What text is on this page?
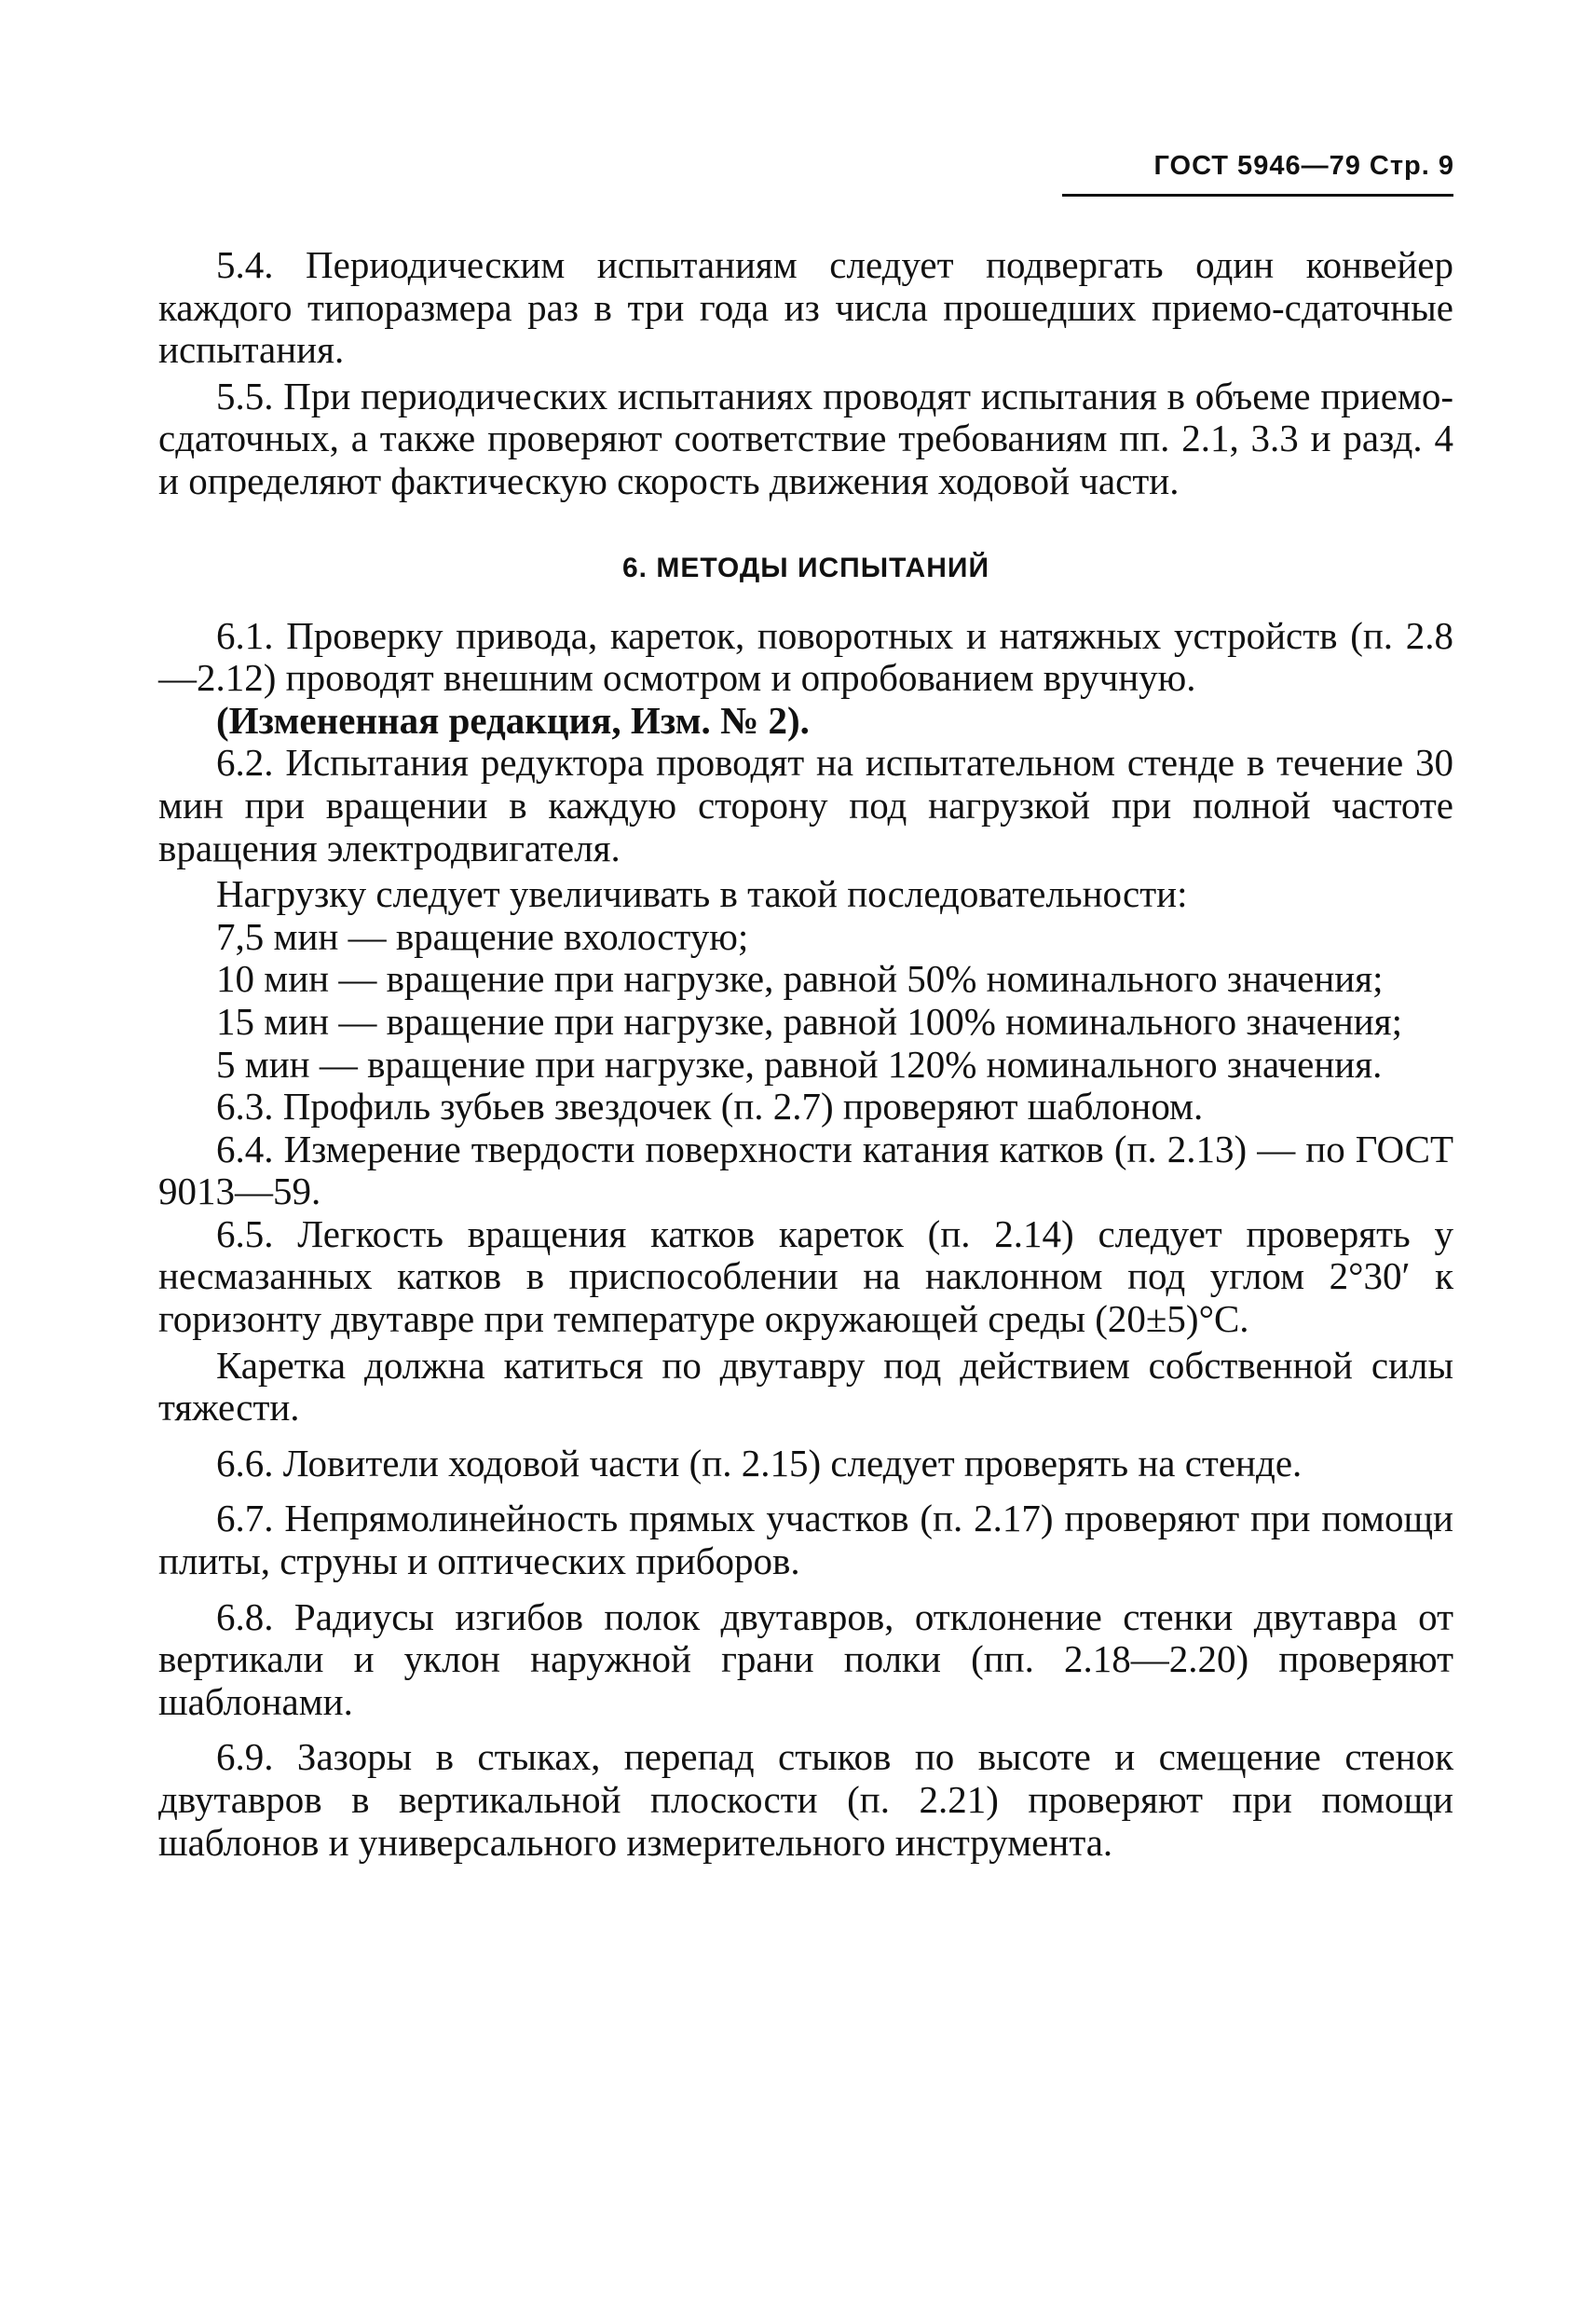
ГОСТ 5946—79 Стр. 9

5.4. Периодическим испытаниям следует подвергать один конвейер каждого типоразмера раз в три года из числа прошедших приемо-сдаточные испытания.

5.5. При периодических испытаниях проводят испытания в объеме приемо-сдаточных, а также проверяют соответствие требованиям пп. 2.1, 3.3 и разд. 4 и определяют фактическую скорость движения ходовой части.

6. МЕТОДЫ ИСПЫТАНИЙ

6.1. Проверку привода, кареток, поворотных и натяжных устройств (п. 2.8—2.12) проводят внешним осмотром и опробованием вручную.

(Измененная редакция, Изм. № 2).

6.2. Испытания редуктора проводят на испытательном стенде в течение 30 мин при вращении в каждую сторону под нагрузкой при полной частоте вращения электродвигателя.

Нагрузку следует увеличивать в такой последовательности:

7,5 мин — вращение вхолостую;

10 мин — вращение при нагрузке, равной 50% номинального значения;

15 мин — вращение при нагрузке, равной 100% номинального значения;

5 мин — вращение при нагрузке, равной 120% номинального значения.

6.3. Профиль зубьев звездочек (п. 2.7) проверяют шаблоном.

6.4. Измерение твердости поверхности катания катков (п. 2.13) — по ГОСТ 9013—59.

6.5. Легкость вращения катков кареток (п. 2.14) следует проверять у несмазанных катков в приспособлении на наклонном под углом 2°30′ к горизонту двутавре при температуре окружающей среды (20±5)°С.

Каретка должна катиться по двутавру под действием собственной силы тяжести.

6.6. Ловители ходовой части (п. 2.15) следует проверять на стенде.

6.7. Непрямолинейность прямых участков (п. 2.17) проверяют при помощи плиты, струны и оптических приборов.

6.8. Радиусы изгибов полок двутавров, отклонение стенки двутавра от вертикали и уклон наружной грани полки (пп. 2.18—2.20) проверяют шаблонами.

6.9. Зазоры в стыках, перепад стыков по высоте и смещение стенок двутавров в вертикальной плоскости (п. 2.21) проверяют при помощи шаблонов и универсального измерительного инструмента.
